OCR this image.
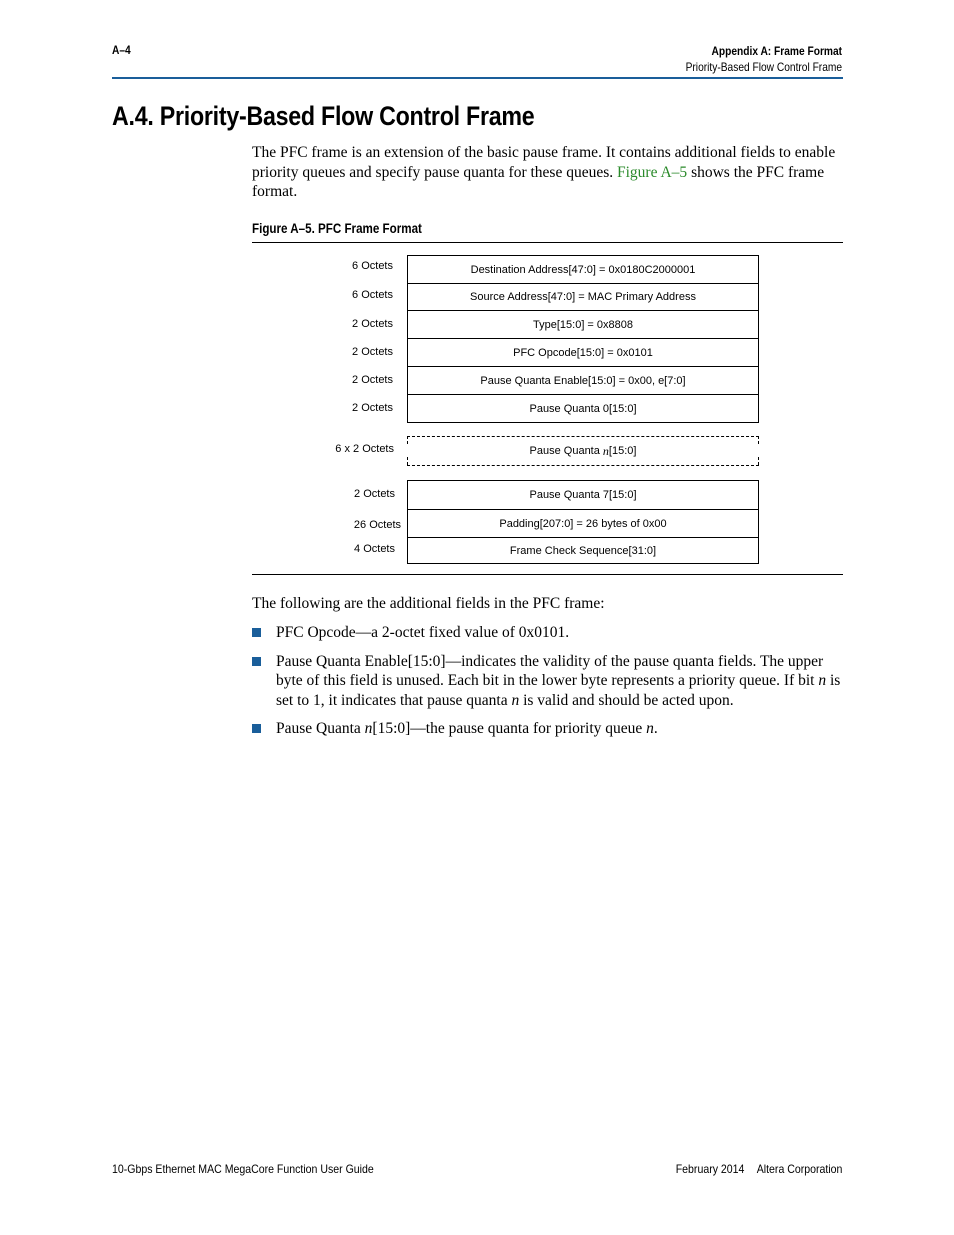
A–4	Appendix A: Frame Format
Priority-Based Flow Control Frame
A.4. Priority-Based Flow Control Frame

The PFC frame is an extension of the basic pause frame. It contains additional fields to enable priority queues and specify pause quanta for these queues. Figure A–5 shows the PFC frame format.

Figure A–5. PFC Frame Format
6 Octets
6 Octets
2 Octets
2 Octets
2 Octets
2 Octets
6 x 2 Octets
2 Octets
26 Octets
4 Octets
Destination Address[47:0] = 0x0180C2000001
Source Address[47:0] = MAC Primary Address
Type[15:0] = 0x8808
PFC Opcode[15:0] = 0x0101
Pause Quanta Enable[15:0] = 0x00, e[7:0]
Pause Quanta 0[15:0]
Pause Quanta n [15:0]
Pause Quanta 7[15:0]
Padding[207:0] = 26 bytes of 0x00
Frame Check Sequence[31:0]

The following are the additional fields in the PFC frame:

PFC Opcode—a 2-octet fixed value of 0x0101.
Pause Quanta Enable[15:0]—indicates the validity of the pause quanta fields. The upper byte of this field is unused. Each bit in the lower byte represents a priority queue. If bit n is set to 1, it indicates that pause quanta n is valid and should be acted upon.
Pause Quanta n[15:0]—the pause quanta for priority queue n.
10-Gbps Ethernet MAC MegaCore Function User Guide	February 2014 Altera Corporation
